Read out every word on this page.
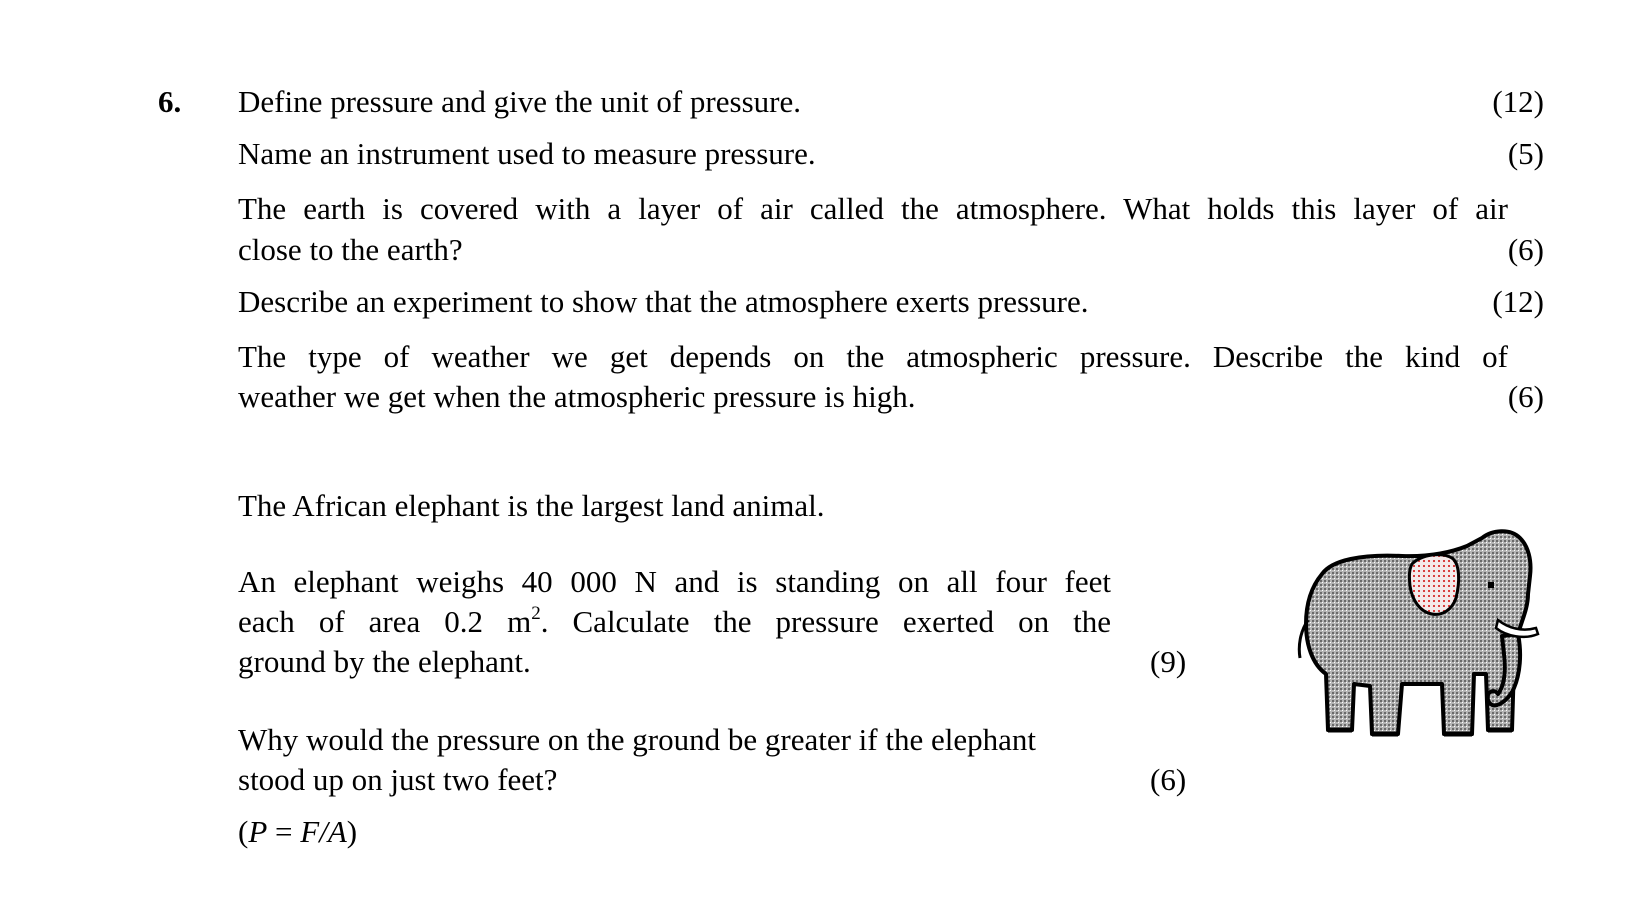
6. Define pressure and give the unit of pressure.	(12)
Name an instrument used to measure pressure.	(5)
The earth is covered with a layer of air called the atmosphere. What holds this layer of air
close to the earth?	(6)
Describe an experiment to show that the atmosphere exerts pressure.	(12)
The type of weather we get depends on the atmospheric pressure. Describe the kind of
weather we get when the atmospheric pressure is high.	(6)
The African elephant is the largest land animal.
An elephant weighs 40 000 N and is standing on all four feet
each of area 0.2 $m^2$. Calculate the pressure exerted on the
ground by the elephant.	(9)
Why would the pressure on the ground be greater if the elephant
stood up on just two feet?	(6)
(P = F/A)
